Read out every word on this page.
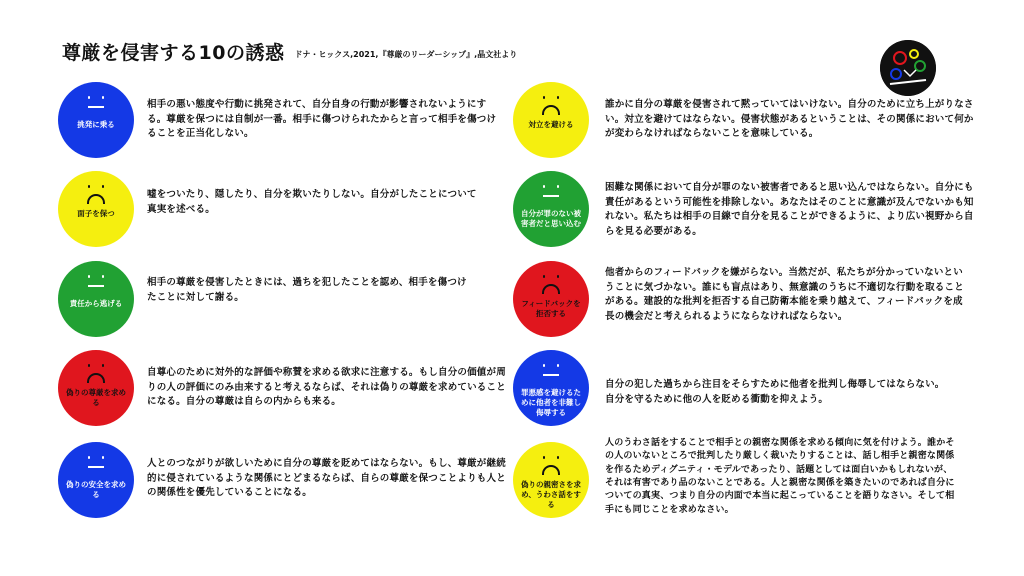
尊厳を侵害する10の誘惑 ドナ・ヒックス,2021,『尊厳のリーダーシップ』,晶文社より
挑発に乗る
相手の悪い態度や行動に挑発されて、自分自身の行動が影響されないようにする。尊厳を保つには自制が一番。相手に傷つけられたからと言って相手を傷つけることを正当化しない。
面子を保つ
嘘をついたり、隠したり、自分を欺いたりしない。自分がしたことについて真実を述べる。
責任から逃げる
相手の尊厳を侵害したときには、過ちを犯したことを認め、相手を傷つけたことに対して謝る。
偽りの尊厳を求める
自尊心のために対外的な評価や称賛を求める欲求に注意する。もし自分の価値が周りの人の評価にのみ由来すると考えるならば、それは偽りの尊厳を求めていることになる。自分の尊厳は自らの内からも来る。
偽りの安全を求める
人とのつながりが欲しいために自分の尊厳を貶めてはならない。もし、尊厳が継続的に侵されているような関係にとどまるならば、自らの尊厳を保つことよりも人との関係性を優先していることになる。
対立を避ける
誰かに自分の尊厳を侵害されて黙っていてはいけない。自分のために立ち上がりなさい。対立を避けてはならない。侵害状態があるということは、その関係において何かが変わらなければならないことを意味している。
自分が罪のない被害者だと思い込む
困難な関係において自分が罪のない被害者であると思い込んではならない。自分にも責任があるという可能性を排除しない。あなたはそのことに意識が及んでないかも知れない。私たちは相手の目線で自分を見ることができるように、より広い視野から自らを見る必要がある。
フィードバックを拒否する
他者からのフィードバックを嫌がらない。当然だが、私たちが分かっていないということに気づかない。誰にも盲点はあり、無意識のうちに不適切な行動を取ることがある。建設的な批判を拒否する自己防衛本能を乗り越えて、フィードバックを成長の機会だと考えられるようにならなければならない。
罪悪感を避けるために他者を非難し侮辱する
自分の犯した過ちから注目をそらすために他者を批判し侮辱してはならない。自分を守るために他の人を貶める衝動を抑えよう。
偽りの親密さを求め、うわさ話をする
人のうわさ話をすることで相手との親密な関係を求める傾向に気を付けよう。誰かその人のいないところで批判したり厳しく裁いたりすることは、話し相手と親密な関係を作るためディグニティ・モデルであったり、話題としては面白いかもしれないが、それは有害であり品のないことである。人と親密な関係を築きたいのであれば自分についての真実、つまり自分の内面で本当に起こっていることを語りなさい。そして相手にも同じことを求めなさい。
